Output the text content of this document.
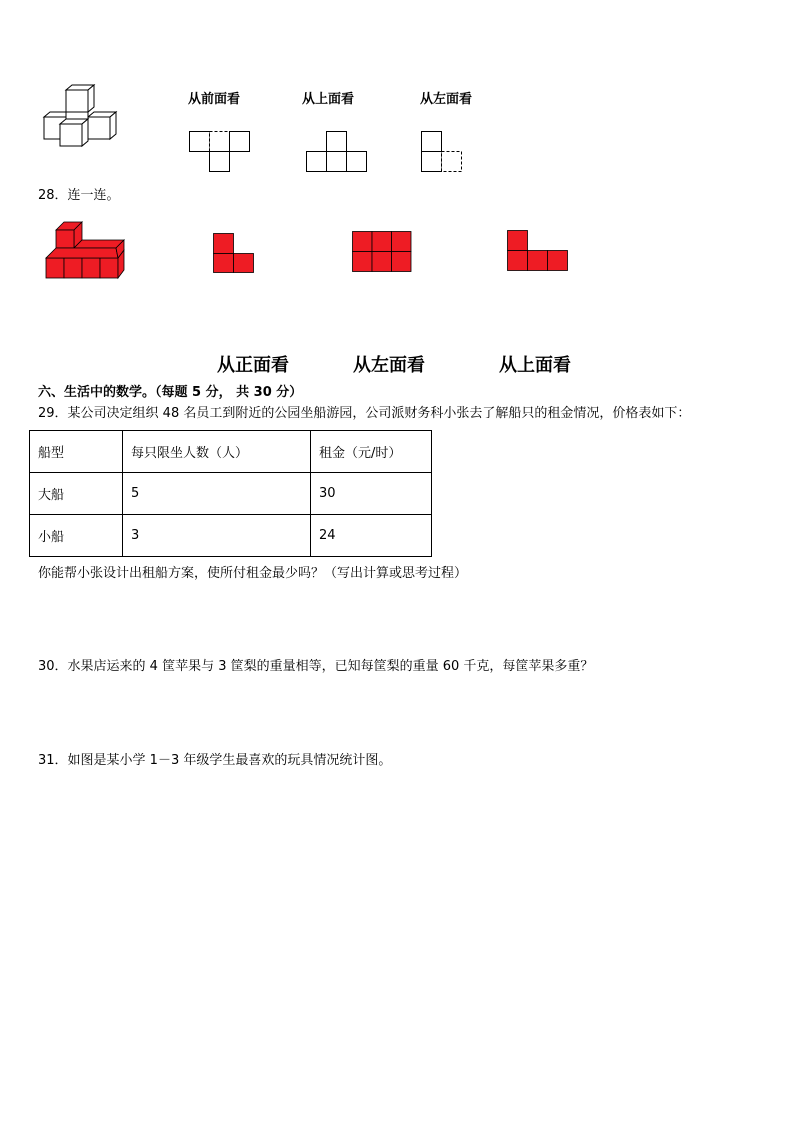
从前面看	从上面看	从左面看
28．连一连。
从正面看	从左面看	从上面看
六、生活中的数学。（每题 5 分， 共 30 分）
29．某公司决定组织 48 名员工到附近的公园坐船游园，公司派财务科小张去了解船只的租金情况，价格表如下：
船型	每只限坐人数（人）	租金（元/时）
大船	5	30
小船	3	24
你能帮小张设计出租船方案，使所付租金最少吗？（写出计算或思考过程）
30．水果店运来的 4 筐苹果与 3 筐梨的重量相等，已知每筐梨的重量 60 千克，每筐苹果多重？
31．如图是某小学 1－3 年级学生最喜欢的玩具情况统计图。
